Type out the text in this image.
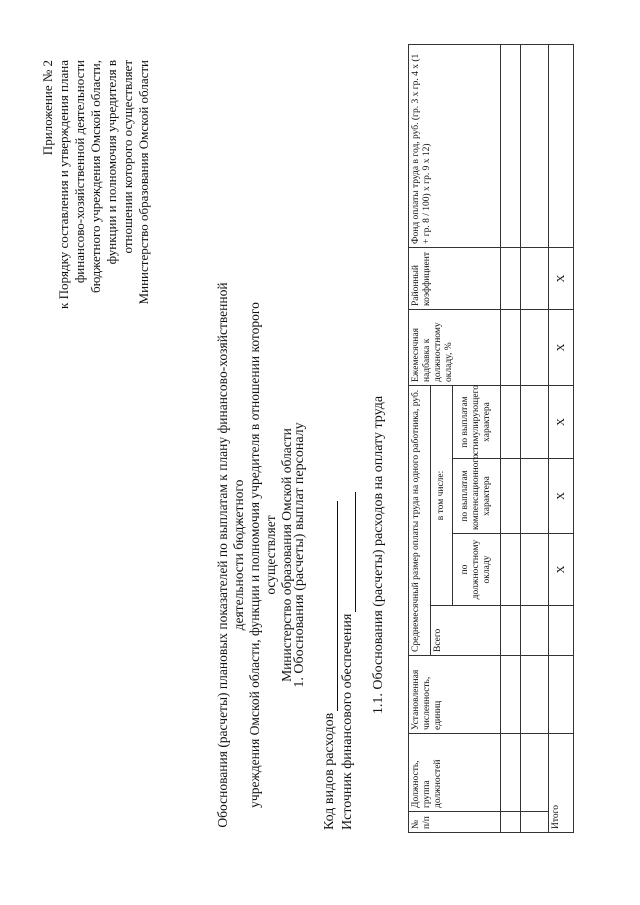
Приложение № 2 к Порядку составления и утверждения плана финансово-хозяйственной деятельности бюджетного учреждения Омской области, функции и полномочия учредителя в отношении которого осуществляет Министерство образования Омской области
Обоснования (расчеты) плановых показателей по выплатам к плану финансово-хозяйственной деятельности бюджетного учреждения Омской области, функции и полномочия учредителя в отношении которого осуществляет Министерство образования Омской области
1. Обоснования (расчеты) выплат персоналу
Код видов расходов Источник финансового обеспечения
1.1. Обоснования (расчеты) расходов на оплату труда
№ п/п	Должность, группа должностей	Установленная численность, единиц	Среднемесячный размер оплаты труда на одного работника, руб.				Ежемесячная надбавка к должностному окладу, %	Районный коэффициент	Фонд оплаты труда в год, руб. (гр. 3 х гр. 4 х (1 + гр. 8 / 100) х гр. 9 х 12)
			Всего	в том числе:					
				по должностному окладу	по выплатам компенсационного характера	по выплатам стимулирующего характера			

Итого				Х	Х	Х	Х	Х	
